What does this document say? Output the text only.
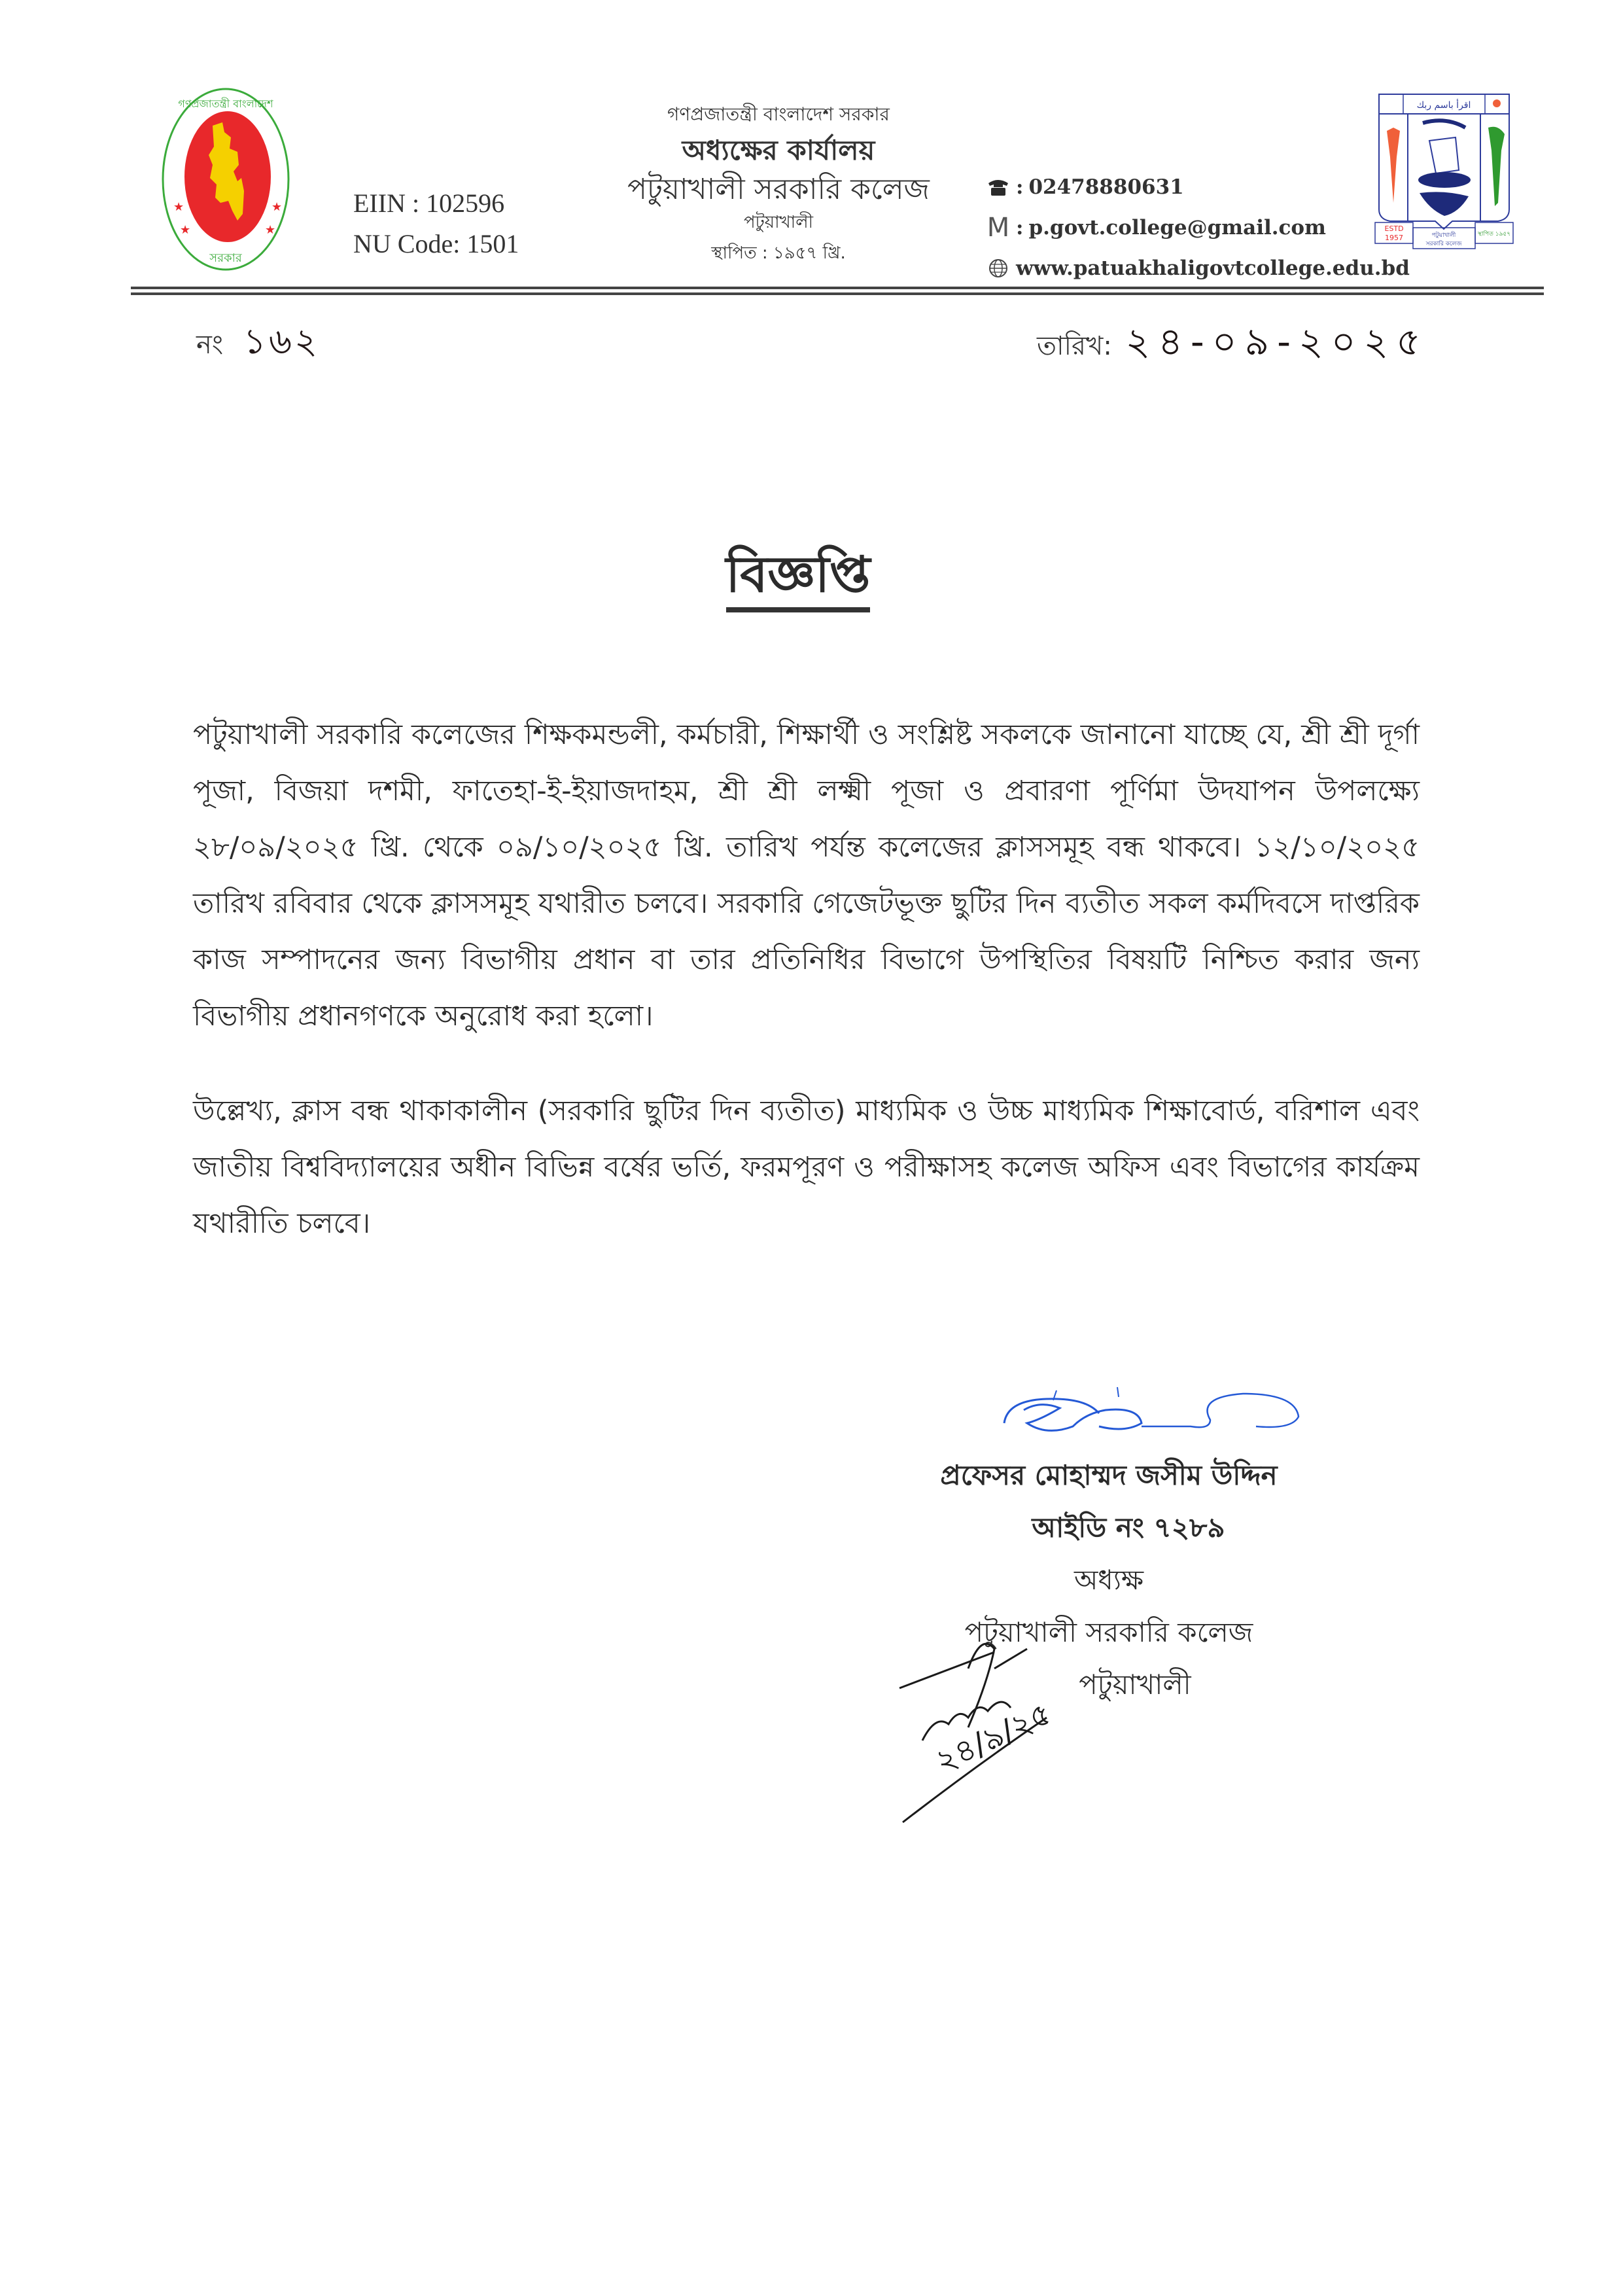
গণপ্রজাতন্ত্রী বাংলাদেশ
সরকার
★	★
★	★
EIIN : 102596
NU Code: 1501
গণপ্রজাতন্ত্রী বাংলাদেশ সরকার
অধ্যক্ষের কার্যালয়
পটুয়াখালী সরকারি কলেজ
পটুয়াখালী
স্থাপিত : ১৯৫৭ খ্রি.
: 02478880631
M : p.govt.college@gmail.com
www.patuakhaligovtcollege.edu.bd
اقرأ باسم ربك
ESTD
1957	পটুয়াখালী
সরকারি কলেজ
স্থাপিত ১৯৫৭
নং ১৬২	তারিখ: ২৪-০৯-২০২৫
বিজ্ঞপ্তি
পটুয়াখালী সরকারি কলেজের শিক্ষকমন্ডলী, কর্মচারী, শিক্ষার্থী ও সংশ্লিষ্ট সকলকে জানানো যাচ্ছে যে, শ্রী শ্রী দূর্গা পূজা, বিজয়া দশমী, ফাতেহা-ই-ইয়াজদাহম, শ্রী শ্রী লক্ষ্মী পূজা ও প্রবারণা পূর্ণিমা উদযাপন উপলক্ষ্যে ২৮/০৯/২০২৫ খ্রি. থেকে ০৯/১০/২০২৫ খ্রি. তারিখ পর্যন্ত কলেজের ক্লাসসমূহ বন্ধ থাকবে। ১২/১০/২০২৫ তারিখ রবিবার থেকে ক্লাসসমূহ যথারীত চলবে। সরকারি গেজেটভূক্ত ছুটির দিন ব্যতীত সকল কর্মদিবসে দাপ্তরিক কাজ সম্পাদনের জন্য বিভাগীয় প্রধান বা তার প্রতিনিধির বিভাগে উপস্থিতির বিষয়টি নিশ্চিত করার জন্য বিভাগীয় প্রধানগণকে অনুরোধ করা হলো।
উল্লেখ্য, ক্লাস বন্ধ থাকাকালীন (সরকারি ছুটির দিন ব্যতীত) মাধ্যমিক ও উচ্চ মাধ্যমিক শিক্ষাবোর্ড, বরিশাল এবং জাতীয় বিশ্ববিদ্যালয়ের অধীন বিভিন্ন বর্ষের ভর্তি, ফরমপূরণ ও পরীক্ষাসহ কলেজ অফিস এবং বিভাগের কার্যক্রম যথারীতি চলবে।
প্রফেসর মোহাম্মদ জসীম উদ্দিন
আইডি নং ৭২৮৯
অধ্যক্ষ
পটুয়াখালী সরকারি কলেজ
পটুয়াখালী
২৪/৯/২৫
